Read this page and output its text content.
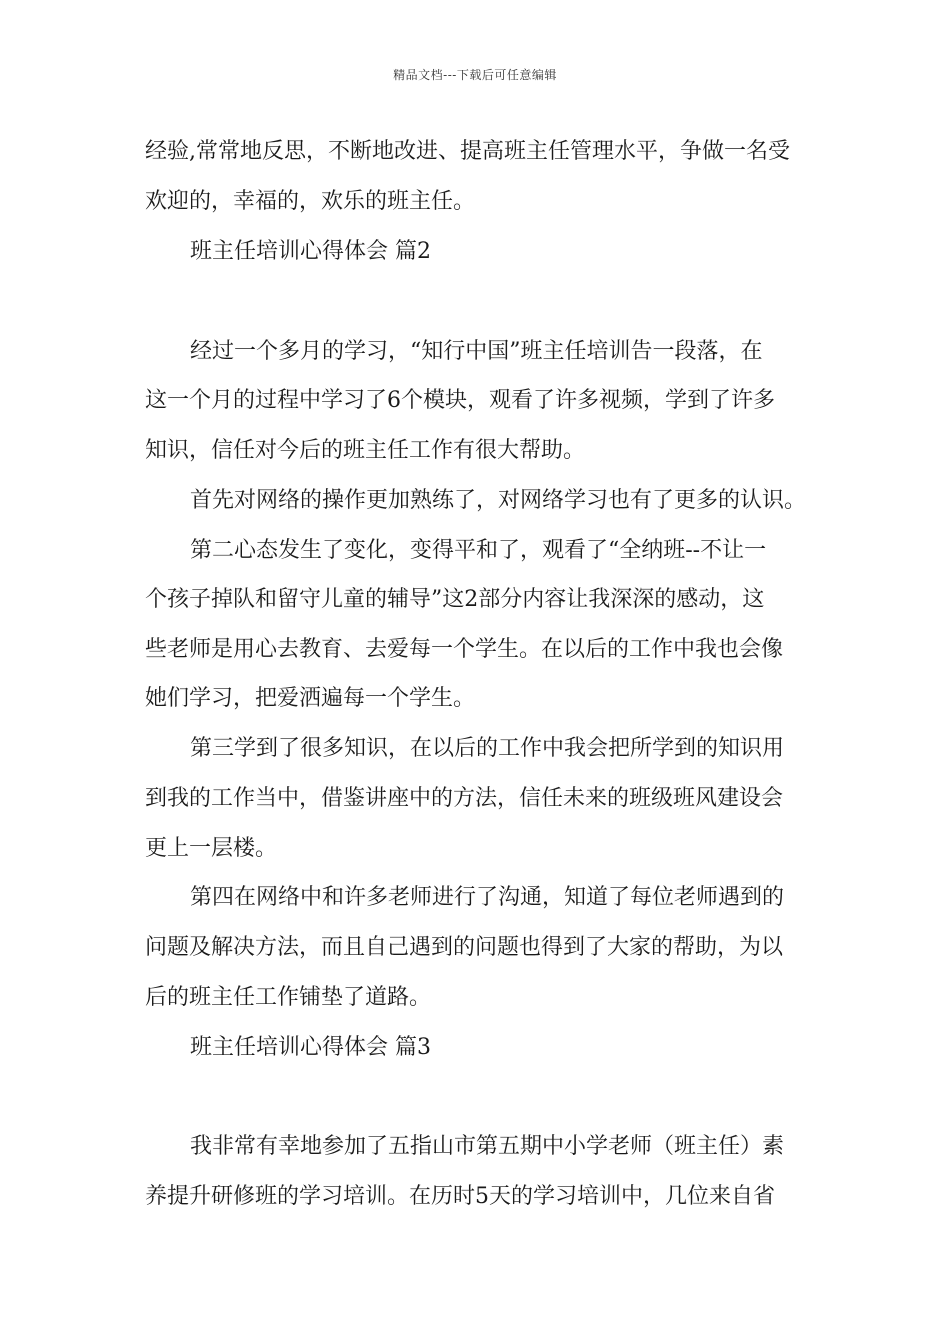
精品文档---下载后可任意编辑
经验,常常地反思，不断地改进、提高班主任管理水平，争做一名受
欢迎的，幸福的，欢乐的班主任。
班主任培训心得体会 篇2
经过一个多月的学习，“知行中国”班主任培训告一段落，在
这一个月的过程中学习了6个模块，观看了许多视频，学到了许多
知识，信任对今后的班主任工作有很大帮助。
首先对网络的操作更加熟练了，对网络学习也有了更多的认识。
第二心态发生了变化，变得平和了，观看了“全纳班--不让一
个孩子掉队和留守儿童的辅导”这2部分内容让我深深的感动，这
些老师是用心去教育、去爱每一个学生。在以后的工作中我也会像
她们学习，把爱洒遍每一个学生。
第三学到了很多知识，在以后的工作中我会把所学到的知识用
到我的工作当中，借鉴讲座中的方法，信任未来的班级班风建设会
更上一层楼。
第四在网络中和许多老师进行了沟通，知道了每位老师遇到的
问题及解决方法，而且自己遇到的问题也得到了大家的帮助，为以
后的班主任工作铺垫了道路。
班主任培训心得体会 篇3
我非常有幸地参加了五指山市第五期中小学老师（班主任）素
养提升研修班的学习培训。在历时5天的学习培训中，几位来自省
